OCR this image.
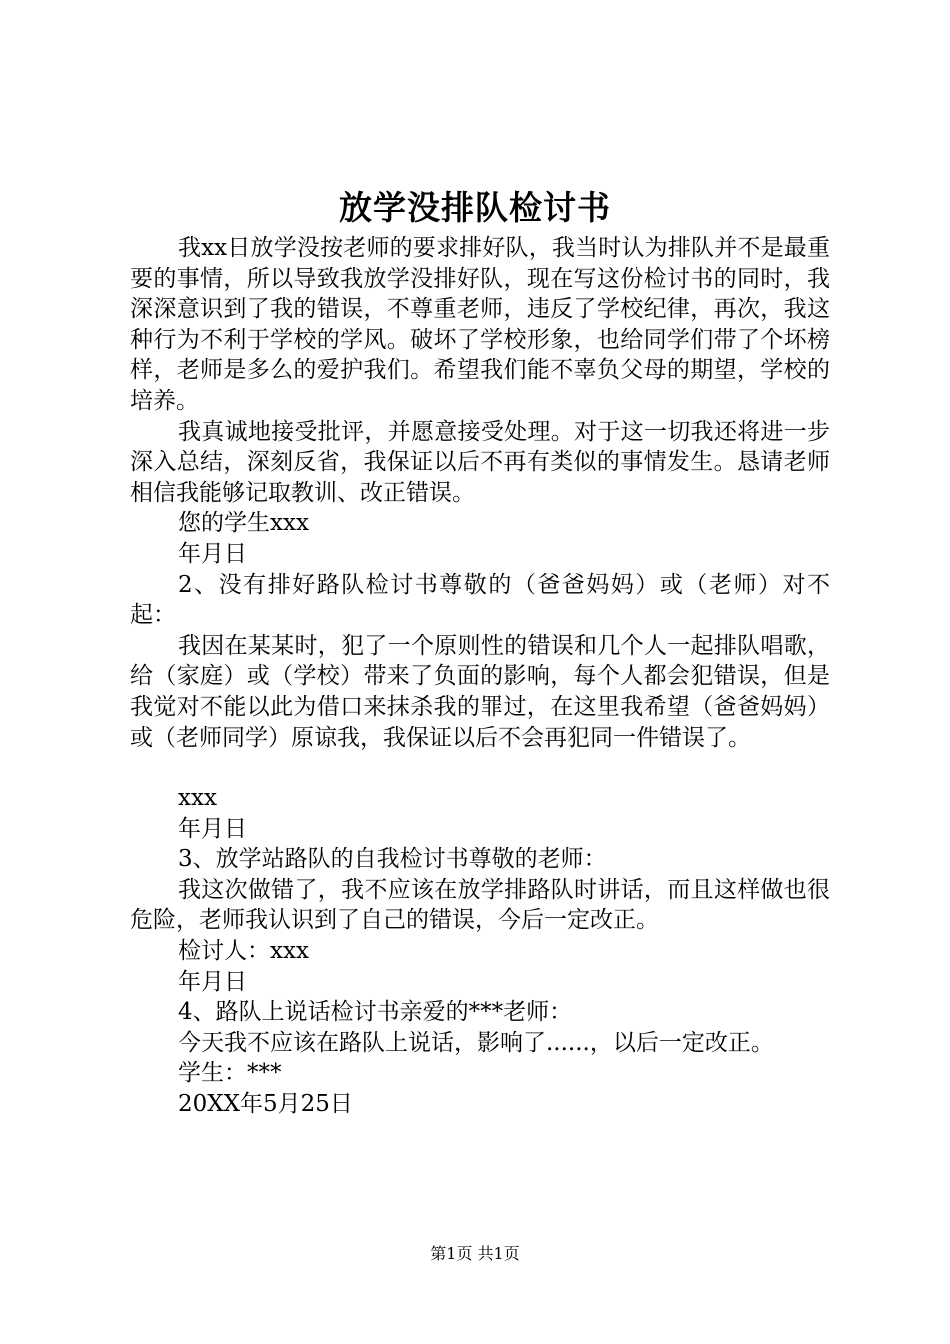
放学没排队检讨书

我xx日放学没按老师的要求排好队，我当时认为排队并不是最重要的事情，所以导致我放学没排好队，现在写这份检讨书的同时，我深深意识到了我的错误，不尊重老师，违反了学校纪律，再次，我这种行为不利于学校的学风。破坏了学校形象，也给同学们带了个坏榜样，老师是多么的爱护我们。希望我们能不辜负父母的期望，学校的培养。

我真诚地接受批评，并愿意接受处理。对于这一切我还将进一步深入总结，深刻反省，我保证以后不再有类似的事情发生。恳请老师相信我能够记取教训、改正错误。

您的学生xxx

年月日

2、没有排好路队检讨书尊敬的（爸爸妈妈）或（老师）对不起：

我因在某某时，犯了一个原则性的错误和几个人一起排队唱歌，给（家庭）或（学校）带来了负面的影响，每个人都会犯错误，但是我觉对不能以此为借口来抹杀我的罪过，在这里我希望（爸爸妈妈）或（老师同学）原谅我，我保证以后不会再犯同一件错误了。

xxx

年月日

3、放学站路队的自我检讨书尊敬的老师：

我这次做错了，我不应该在放学排路队时讲话，而且这样做也很危险，老师我认识到了自己的错误，今后一定改正。

检讨人：xxx

年月日

4、路队上说话检讨书亲爱的***老师：

今天我不应该在路队上说话，影响了......，以后一定改正。

学生：***

20XX年5月25日

第1页 共1页
